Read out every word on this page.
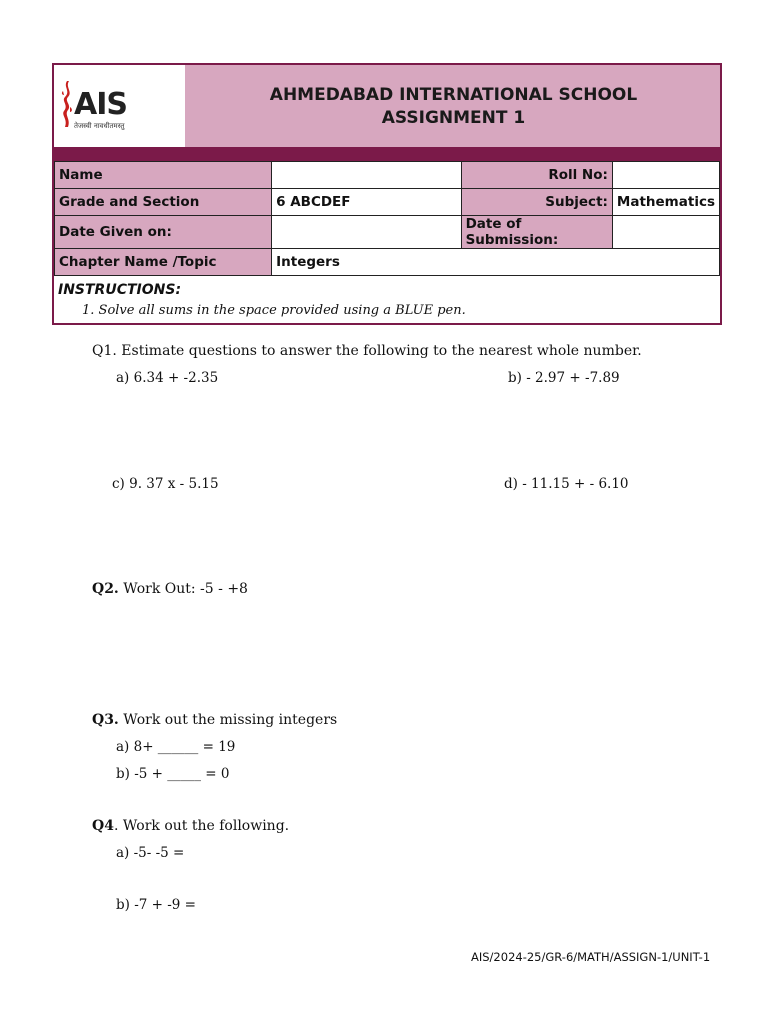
AIS
तेजस्वी नावधीतमस्तु
AHMEDABAD INTERNATIONAL SCHOOL
ASSIGNMENT 1
Name		Roll No:	
Grade and Section	6 ABCDEF	Subject:	Mathematics
Date Given on:		Date of Submission:	
Chapter Name /Topic	Integers		
INSTRUCTIONS:
1. Solve all sums in the space provided using a BLUE pen.
Q1. Estimate questions to answer the following to the nearest whole number.
a) 6.34 + -2.35	b) - 2.97 + -7.89
c) 9. 37 x - 5.15	d) - 11.15 + - 6.10
Q2. Work Out: -5 - +8
Q3. Work out the missing integers
a) 8+ ______ = 19
b) -5 + _____ = 0
Q4. Work out the following.
a) -5- -5 =
b) -7 + -9 =
AIS/2024-25/GR-6/MATH/ASSIGN-1/UNIT-1
